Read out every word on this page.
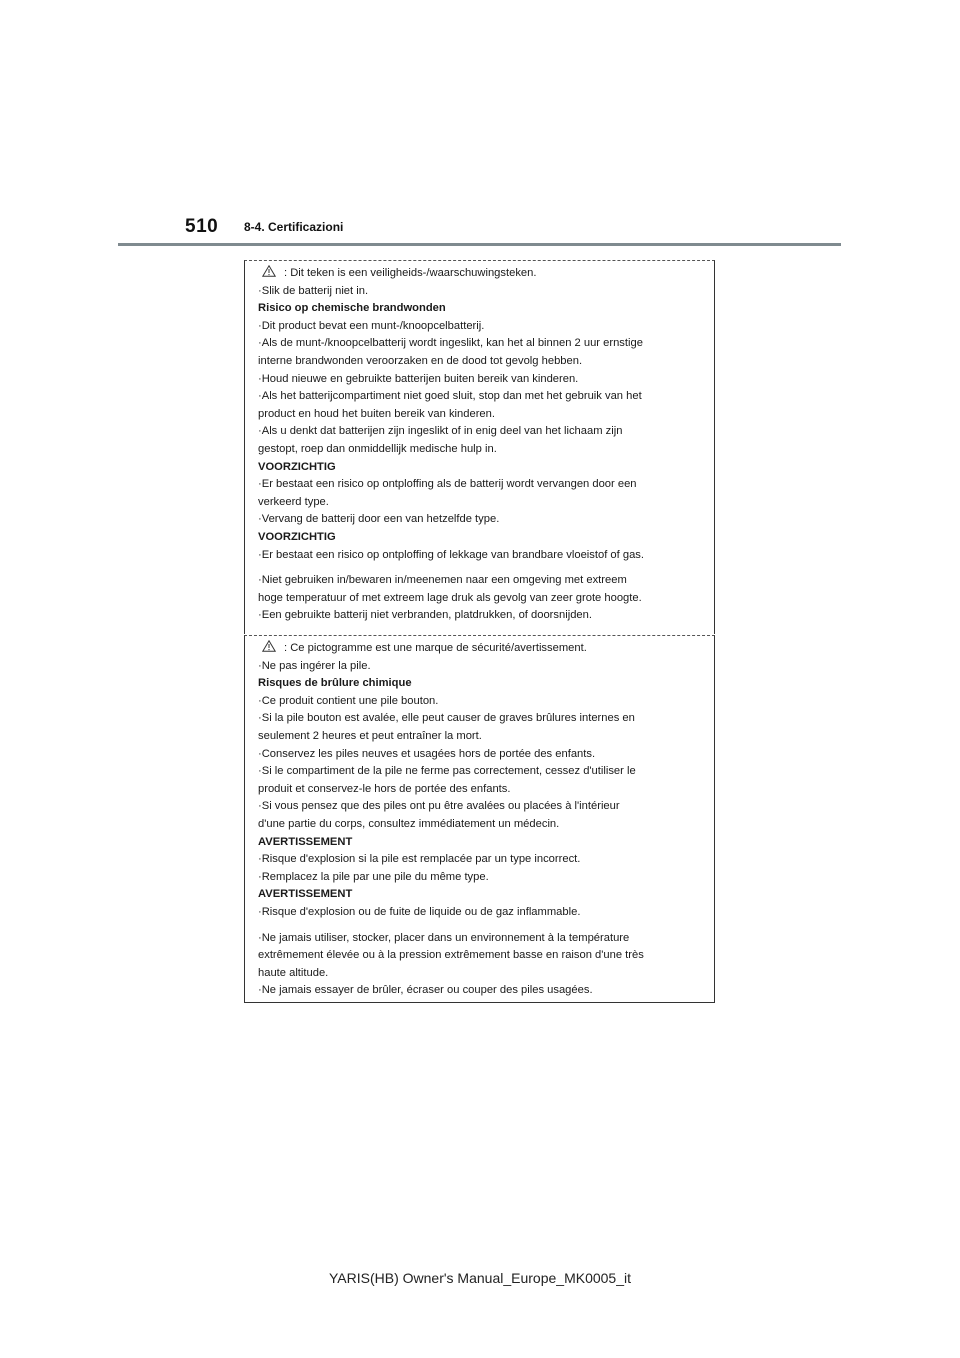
510 8-4. Certificazioni
: Dit teken is een veiligheids-/waarschuwingsteken.
·Slik de batterij niet in.
Risico op chemische brandwonden
·Dit product bevat een munt-/knoopcelbatterij.
·Als de munt-/knoopcelbatterij wordt ingeslikt, kan het al binnen 2 uur ernstige
interne brandwonden veroorzaken en de dood tot gevolg hebben.
·Houd nieuwe en gebruikte batterijen buiten bereik van kinderen.
·Als het batterijcompartiment niet goed sluit, stop dan met het gebruik van het
product en houd het buiten bereik van kinderen.
·Als u denkt dat batterijen zijn ingeslikt of in enig deel van het lichaam zijn
gestopt, roep dan onmiddellijk medische hulp in.
VOORZICHTIG
·Er bestaat een risico op ontploffing als de batterij wordt vervangen door een
verkeerd type.
·Vervang de batterij door een van hetzelfde type.
VOORZICHTIG
·Er bestaat een risico op ontploffing of lekkage van brandbare vloeistof of gas.
·Niet gebruiken in/bewaren in/meenemen naar een omgeving met extreem
hoge temperatuur of met extreem lage druk als gevolg van zeer grote hoogte.
·Een gebruikte batterij niet verbranden, platdrukken, of doorsnijden.
: Ce pictogramme est une marque de sécurité/avertissement.
·Ne pas ingérer la pile.
Risques de brûlure chimique
·Ce produit contient une pile bouton.
·Si la pile bouton est avalée, elle peut causer de graves brûlures internes en
seulement 2 heures et peut entraîner la mort.
·Conservez les piles neuves et usagées hors de portée des enfants.
·Si le compartiment de la pile ne ferme pas correctement, cessez d'utiliser le
produit et conservez-le hors de portée des enfants.
·Si vous pensez que des piles ont pu être avalées ou placées à l'intérieur
d'une partie du corps, consultez immédiatement un médecin.
AVERTISSEMENT
·Risque d'explosion si la pile est remplacée par un type incorrect.
·Remplacez la pile par une pile du même type.
AVERTISSEMENT
·Risque d'explosion ou de fuite de liquide ou de gaz inflammable.
·Ne jamais utiliser, stocker, placer dans un environnement à la température
extrêmement élevée ou à la pression extrêmement basse en raison d'une très
haute altitude.
·Ne jamais essayer de brûler, écraser ou couper des piles usagées.
YARIS(HB) Owner's Manual_Europe_MK0005_it
